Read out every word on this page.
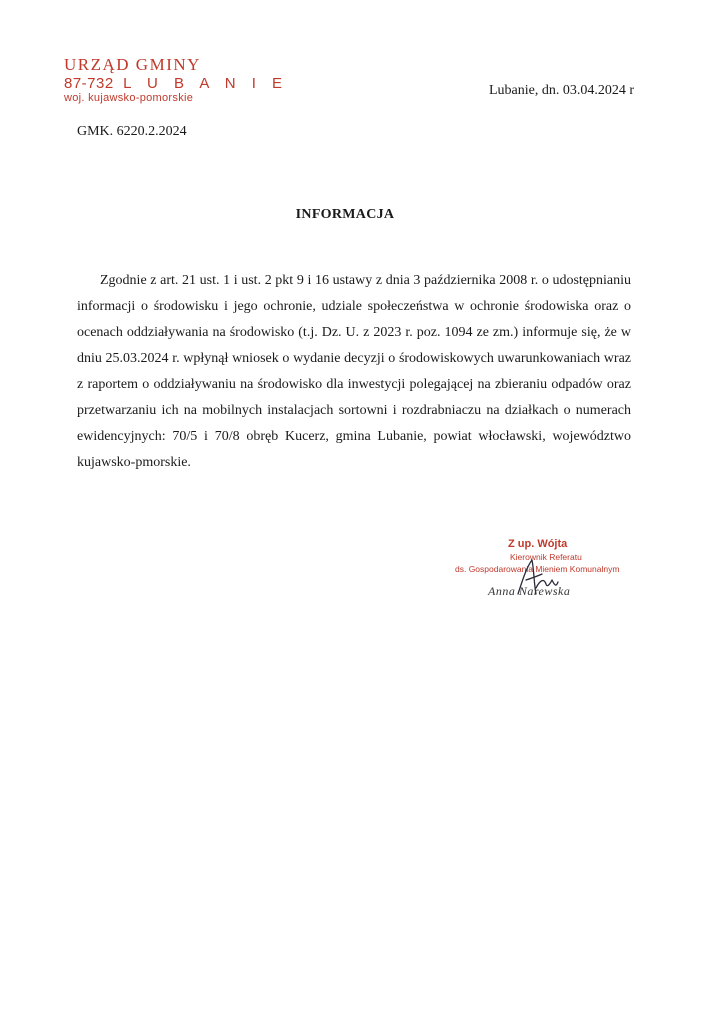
URZĄD GMINY
87-732 L U B A N I E
woj. kujawsko-pomorskie	Lubanie, dn. 03.04.2024 r
GMK. 6220.2.2024
INFORMACJA

Zgodnie z art. 21 ust. 1 i ust. 2 pkt 9 i 16 ustawy z dnia 3 października 2008 r. o udostępnianiu informacji o środowisku i jego ochronie, udziale społeczeństwa w ochronie środowiska oraz o ocenach oddziaływania na środowisko (t.j. Dz. U. z 2023 r. poz. 1094 ze zm.) informuje się, że w dniu 25.03.2024 r. wpłynął wniosek o wydanie decyzji o środowiskowych uwarunkowaniach wraz z raportem o oddziaływaniu na środowisko dla inwestycji polegającej na zbieraniu odpadów oraz przetwarzaniu ich na mobilnych instalacjach sortowni i rozdrabniaczu na działkach o numerach ewidencyjnych: 70/5 i 70/8 obręb Kucerz, gmina Lubanie, powiat włocławski, województwo kujawsko-pmorskie.

Z up. Wójta
Kierownik Referatu
ds. Gospodarowania Mieniem Komunalnym
Anna Narewska
